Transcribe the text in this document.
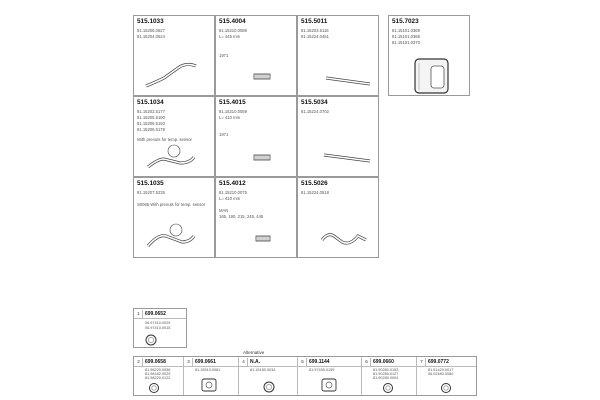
515.1033
81.15206.0527
81.15204.0524
515.4004
81.15210.0086
L= 445 mm
1971
515.5011
81.15203.5116
81.15224.0451
515.7023
81.15101.0369
81.15101.0368
81.15101.0370
515.1034
81.15203.5177
81.15205.5190
81.15206.5193
81.15206.5178
With prenuts for temp. sensor
515.4015
81.15210.0059
L= 410 mm
1971
515.5034
81.15224.0702
515.1035
81.15207.5235
S0065 With prenuts for temp. sensor
515.4012
81.15210.0075
L= 410 mm
MAN
165, 190, 215, 245, 445
515.5026
81.15224.0518
1	699.0652
06.97410.0029
06.97410.0015
Alternative
2	699.0658
81.98220.0058
81.98182.0029
81.98220.0122
3	699.0661
81.15510.0081
4	N.A.
81.15180.0034
5	699.1144
81.97455.0159
6	699.0660
81.90280.0153
81.90280.0127
81.90280.0004
7	699.0772
81.51420.0017
06.02480.0080
